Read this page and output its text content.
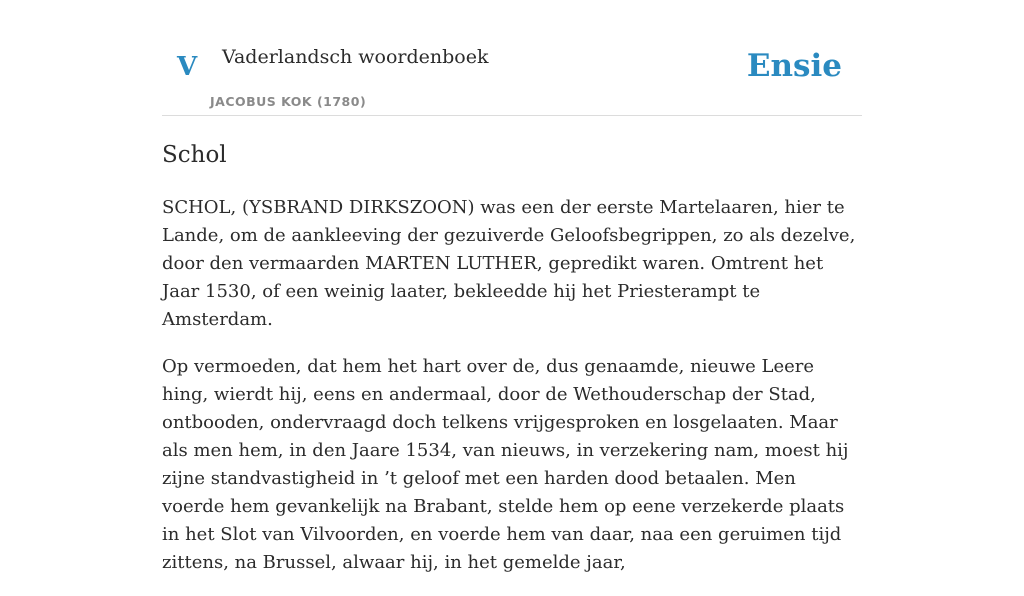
V Vaderlandsch woordenboek
JACOBUS KOK (1780)
Ensie
Schol

SCHOL, (YSBRAND DIRKSZOON) was een der eerste Martelaaren, hier te Lande, om de aankleeving der gezuiverde Geloofsbegrippen, zo als dezelve, door den vermaarden MARTEN LUTHER, gepredikt waren. Omtrent het Jaar 1530, of een weinig laater, bekleedde hij het Priesterampt te Amsterdam.

Op vermoeden, dat hem het hart over de, dus genaamde, nieuwe Leere hing, wierdt hij, eens en andermaal, door de Wethouderschap der Stad, ontbooden, ondervraagd doch telkens vrijgesproken en losgelaaten. Maar als men hem, in den Jaare 1534, van nieuws, in verzekering nam, moest hij zijne standvastigheid in ’t geloof met een harden dood betaalen. Men voerde hem gevankelijk na Brabant, stelde hem op eene verzekerde plaats in het Slot van Vilvoorden, en voerde hem van daar, naa een geruimen tijd zittens, na Brussel, alwaar hij, in het gemelde jaar,
